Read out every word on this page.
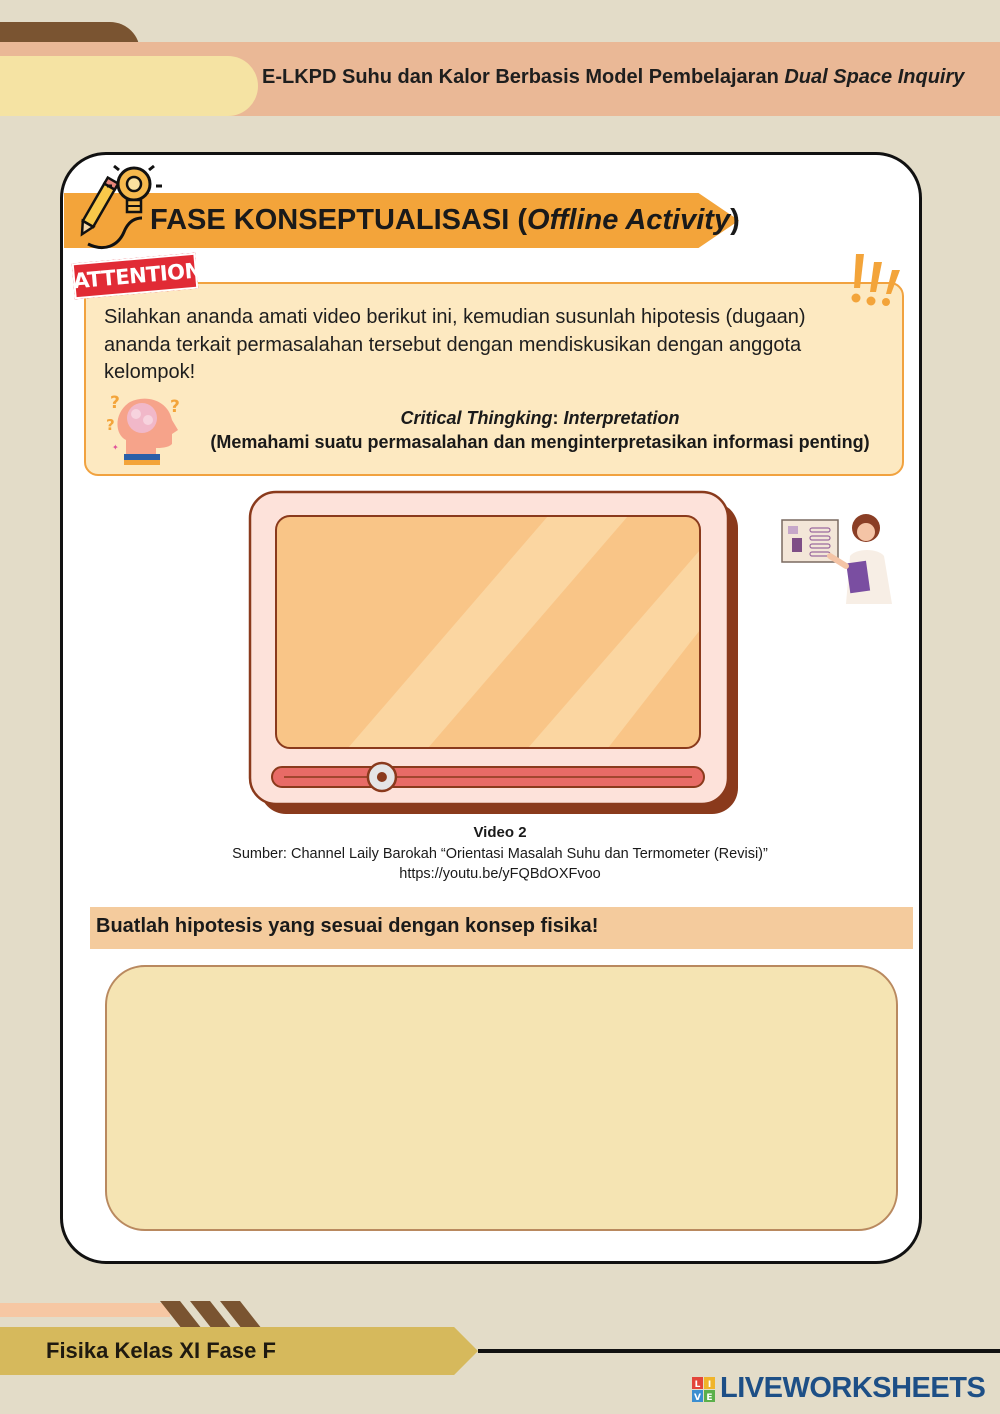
E-LKPD Suhu dan Kalor Berbasis Model Pembelajaran Dual Space Inquiry
FASE KONSEPTUALISASI (Offline Activity)
ATTENTION
Silahkan ananda amati video berikut ini, kemudian susunlah hipotesis (dugaan) ananda terkait permasalahan tersebut dengan mendiskusikan dengan anggota kelompok!
?
?	?
✦
Critical Thingking: Interpretation
(Memahami suatu permasalahan dan menginterpretasikan informasi penting)
Video 2
Sumber: Channel Laily Barokah “Orientasi Masalah Suhu dan Termometer (Revisi)”
https://youtu.be/yFQBdOXFvoo
Buatlah hipotesis yang sesuai dengan konsep fisika!
Fisika Kelas XI Fase F
L I
V E LIVEWORKSHEETS
